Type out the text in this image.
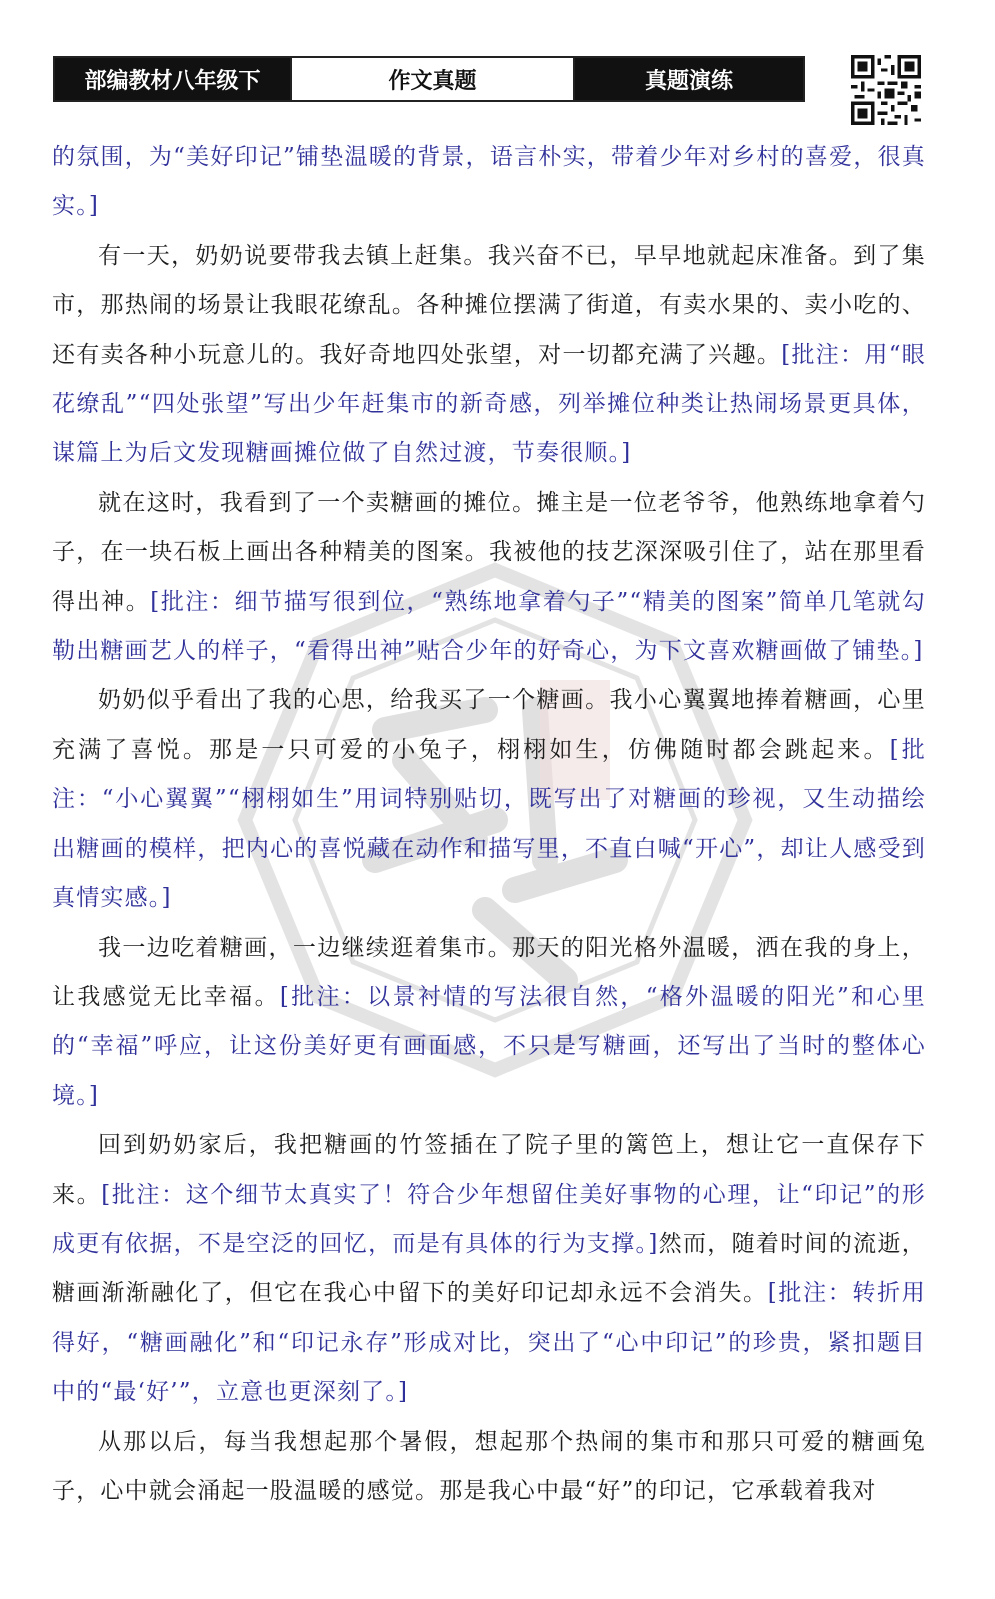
部编教材八年级下	作文真题	真题演练

的氛围，为“美好印记”铺垫温暖的背景，语言朴实，带着少年对乡村的喜爱，很真实。]

有一天，奶奶说要带我去镇上赶集。我兴奋不已，早早地就起床准备。到了集市，那热闹的场景让我眼花缭乱。各种摊位摆满了街道，有卖水果的、卖小吃的、还有卖各种小玩意儿的。我好奇地四处张望，对一切都充满了兴趣。[批注：用“眼花缭乱”“四处张望”写出少年赶集市的新奇感，列举摊位种类让热闹场景更具体，谋篇上为后文发现糖画摊位做了自然过渡，节奏很顺。]

就在这时，我看到了一个卖糖画的摊位。摊主是一位老爷爷，他熟练地拿着勺子，在一块石板上画出各种精美的图案。我被他的技艺深深吸引住了，站在那里看得出神。[批注：细节描写很到位，“熟练地拿着勺子”“精美的图案”简单几笔就勾勒出糖画艺人的样子，“看得出神”贴合少年的好奇心，为下文喜欢糖画做了铺垫。]

奶奶似乎看出了我的心思，给我买了一个糖画。我小心翼翼地捧着糖画，心里充满了喜悦。那是一只可爱的小兔子，栩栩如生，仿佛随时都会跳起来。[批注：“小心翼翼”“栩栩如生”用词特别贴切，既写出了对糖画的珍视，又生动描绘出糖画的模样，把内心的喜悦藏在动作和描写里，不直白喊“开心”，却让人感受到真情实感。]

我一边吃着糖画，一边继续逛着集市。那天的阳光格外温暖，洒在我的身上，让我感觉无比幸福。[批注：以景衬情的写法很自然，“格外温暖的阳光”和心里的“幸福”呼应，让这份美好更有画面感，不只是写糖画，还写出了当时的整体心境。]

回到奶奶家后，我把糖画的竹签插在了院子里的篱笆上，想让它一直保存下来。[批注：这个细节太真实了！符合少年想留住美好事物的心理，让“印记”的形成更有依据，不是空泛的回忆，而是有具体的行为支撑。]然而，随着时间的流逝，糖画渐渐融化了，但它在我心中留下的美好印记却永远不会消失。[批注：转折用得好，“糖画融化”和“印记永存”形成对比，突出了“心中印记”的珍贵，紧扣题目中的“最‘好’”，立意也更深刻了。]

从那以后，每当我想起那个暑假，想起那个热闹的集市和那只可爱的糖画兔子，心中就会涌起一股温暖的感觉。那是我心中最“好”的印记，它承载着我对
